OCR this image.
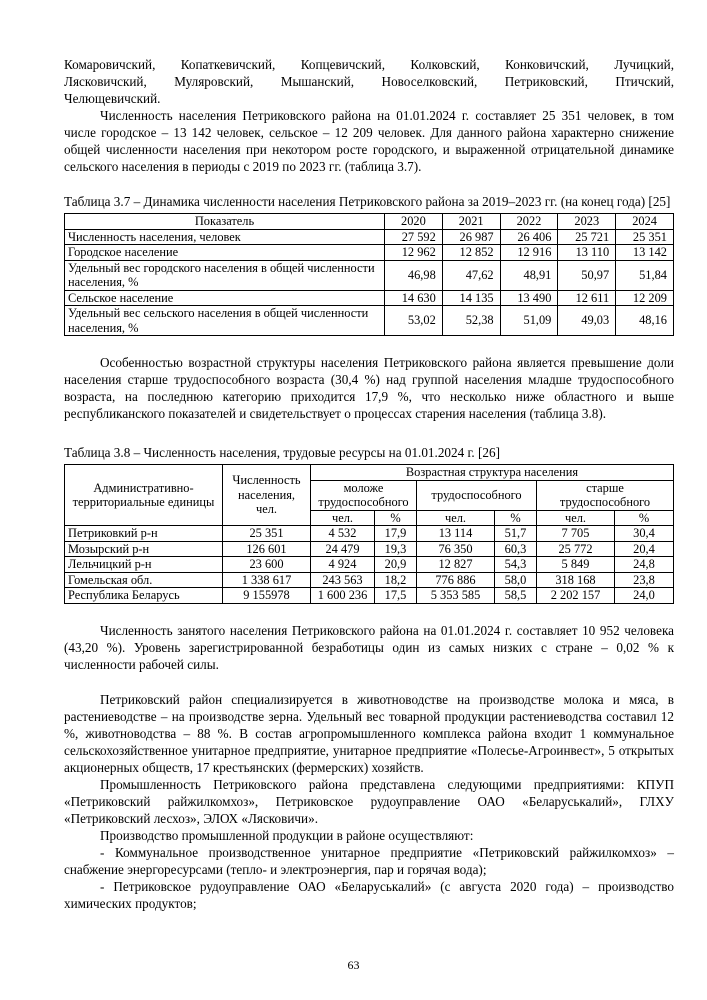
Комаровичский, Копаткевичский, Копцевичский, Колковский, Конковичский, Лучицкий,

Лясковичский, Муляровский, Мышанский, Новоселковский, Петриковский, Птичский,

Челющевичский.

Численность населения Петриковского района на 01.01.2024 г. составляет 25 351 человек, в том числе городское – 13 142 человек, сельское – 12 209 человек. Для данного района характерно снижение общей численности населения при некотором росте городского, и выраженной отрицательной динамике сельского населения в периоды с 2019 по 2023 гг. (таблица 3.7).

Таблица 3.7 – Динамика численности населения Петриковского района за 2019–2023 гг. (на конец года) [25]

Показатель	2020	2021	2022	2023	2024
Численность населения, человек	27 592	26 987	26 406	25 721	25 351
Городское население	12 962	12 852	12 916	13 110	13 142
Удельный вес городского населения в общей численности населения, %	46,98	47,62	48,91	50,97	51,84
Сельское население	14 630	14 135	13 490	12 611	12 209
Удельный вес сельского населения в общей численности населения, %	53,02	52,38	51,09	49,03	48,16

Особенностью возрастной структуры населения Петриковского района является превышение доли населения старше трудоспособного возраста (30,4 %) над группой населения младше трудоспособного возраста, на последнюю категорию приходится 17,9 %, что несколько ниже областного и выше республиканского показателей и свидетельствует о процессах старения населения (таблица 3.8).

Таблица 3.8 – Численность населения, трудовые ресурсы на 01.01.2024 г. [26]

Административно-территориальные единицы	Численность населения, чел.	Возрастная структура населения					
		моложе трудоспособного		трудоспособного		старше трудоспособного	
		чел.	%	чел.	%	чел.	%
Петриковкий р-н	25 351	4 532	17,9	13 114	51,7	7 705	30,4
Мозырский р-н	126 601	24 479	19,3	76 350	60,3	25 772	20,4
Лельчицкий р-н	23 600	4 924	20,9	12 827	54,3	5 849	24,8
Гомельская обл.	1 338 617	243 563	18,2	776 886	58,0	318 168	23,8
Республика Беларусь	9 155978	1 600 236	17,5	5 353 585	58,5	2 202 157	24,0

Численность занятого населения Петриковского района на 01.01.2024 г. составляет 10 952 человека (43,20 %). Уровень зарегистрированной безработицы один из самых низких с стране – 0,02 % к численности рабочей силы.

Петриковский район специализируется в животноводстве на производстве молока и мяса, в растениеводстве – на производстве зерна. Удельный вес товарной продукции растениеводства составил 12 %, животноводства – 88 %. В состав агропромышленного комплекса района входит 1 коммунальное сельскохозяйственное унитарное предприятие, унитарное предприятие «Полесье-Агроинвест», 5 открытых акционерных обществ, 17 крестьянских (фермерских) хозяйств.

Промышленность Петриковского района представлена следующими предприятиями: КПУП «Петриковский райжилкомхоз», Петриковское рудоуправление ОАО «Беларуськалий», ГЛХУ «Петриковский лесхоз», ЭЛОХ «Лясковичи».

Производство промышленной продукции в районе осуществляют:

- Коммунальное производственное унитарное предприятие «Петриковский райжилкомхоз» – снабжение энергоресурсами (тепло- и электроэнергия, пар и горячая вода);

- Петриковское рудоуправление ОАО «Беларуськалий» (с августа 2020 года) – производство химических продуктов;

63
